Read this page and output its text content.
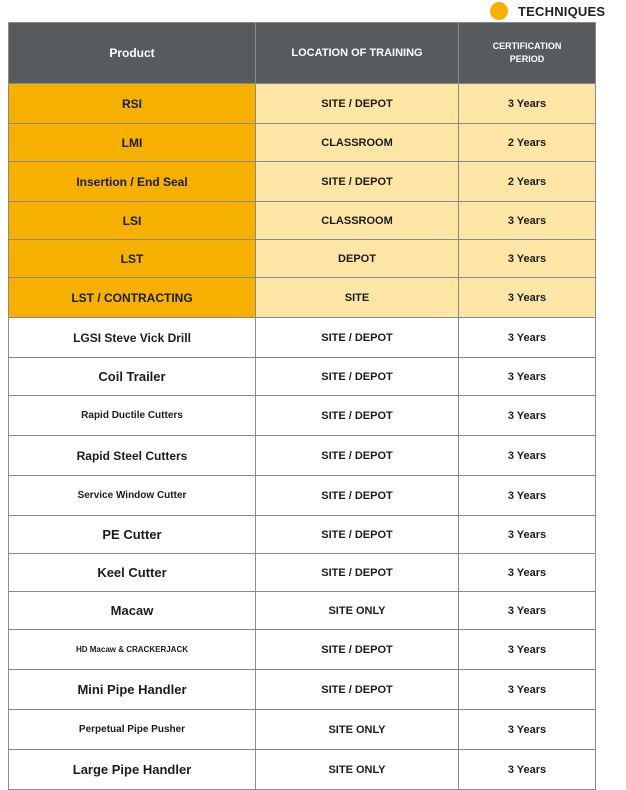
TECHNIQUES
Product	LOCATION OF TRAINING	CERTIFICATION
PERIOD
RSI	SITE / DEPOT	3 Years
LMI	CLASSROOM	2 Years
Insertion / End Seal	SITE / DEPOT	2 Years
LSI	CLASSROOM	3 Years
LST	DEPOT	3 Years
LST / CONTRACTING	SITE	3 Years
LGSI Steve Vick Drill	SITE / DEPOT	3 Years
Coil Trailer	SITE / DEPOT	3 Years
Rapid Ductile Cutters	SITE / DEPOT	3 Years
Rapid Steel Cutters	SITE / DEPOT	3 Years
Service Window Cutter	SITE / DEPOT	3 Years
PE Cutter	SITE / DEPOT	3 Years
Keel Cutter	SITE / DEPOT	3 Years
Macaw	SITE ONLY	3 Years
HD Macaw & CRACKERJACK	SITE / DEPOT	3 Years
Mini Pipe Handler	SITE / DEPOT	3 Years
Perpetual Pipe Pusher	SITE ONLY	3 Years
Large Pipe Handler	SITE ONLY	3 Years
